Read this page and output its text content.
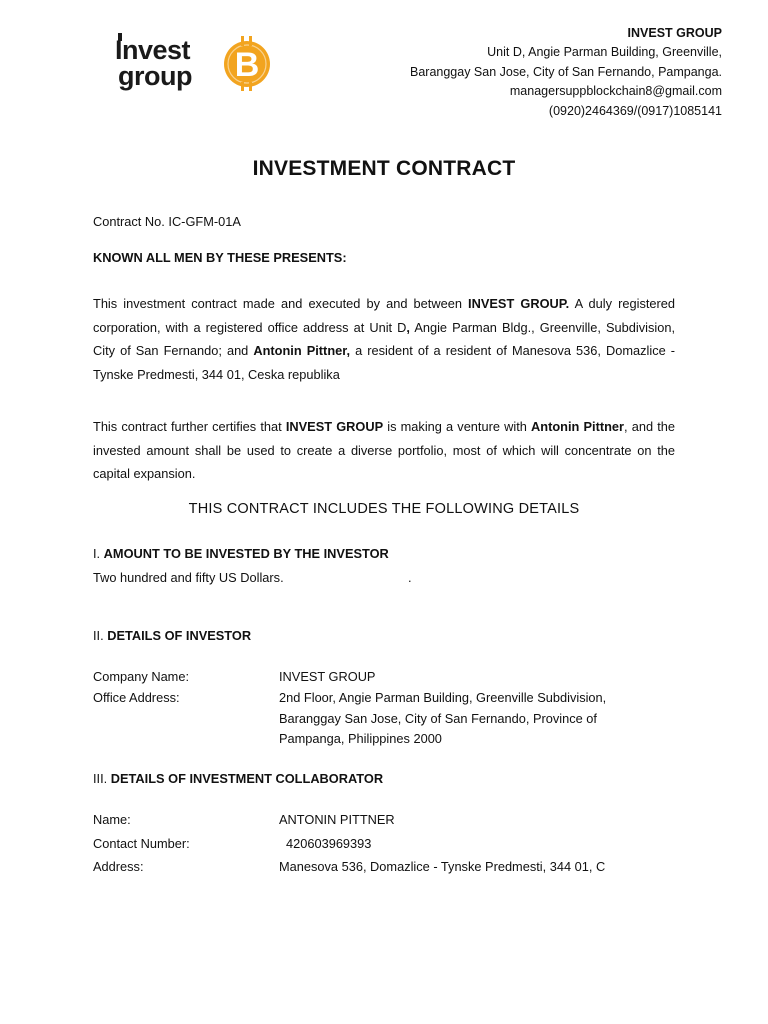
Invest
group B
INVEST GROUP
Unit D, Angie Parman Building, Greenville,
Baranggay San Jose, City of San Fernando, Pampanga.
managersuppblockchain8@gmail.com
(0920)2464369/(0917)1085141
INVESTMENT CONTRACT
Contract No. IC-GFM-01A
KNOWN ALL MEN BY THESE PRESENTS:
This investment contract made and executed by and between INVEST GROUP. A duly registered corporation, with a registered office address at Unit D, Angie Parman Bldg., Greenville, Subdivision, City of San Fernando; and Antonin Pittner, a resident of a resident of Manesova 536, Domazlice - Tynske Predmesti, 344 01, Ceska republika
This contract further certifies that INVEST GROUP is making a venture with Antonin Pittner, and the invested amount shall be used to create a diverse portfolio, most of which will concentrate on the capital expansion.
THIS CONTRACT INCLUDES THE FOLLOWING DETAILS
I. AMOUNT TO BE INVESTED BY THE INVESTOR
Two hundred and fifty US Dollars.	.
II. DETAILS OF INVESTOR
Company Name:	INVEST GROUP
Office Address:	2nd Floor, Angie Parman Building, Greenville Subdivision,
Baranggay San Jose, City of San Fernando, Province of
Pampanga, Philippines 2000
III. DETAILS OF INVESTMENT COLLABORATOR
Name:	ANTONIN PITTNER
Contact Number:	420603969393
Address:	Manesova 536, Domazlice - Tynske Predmesti, 344 01, C
